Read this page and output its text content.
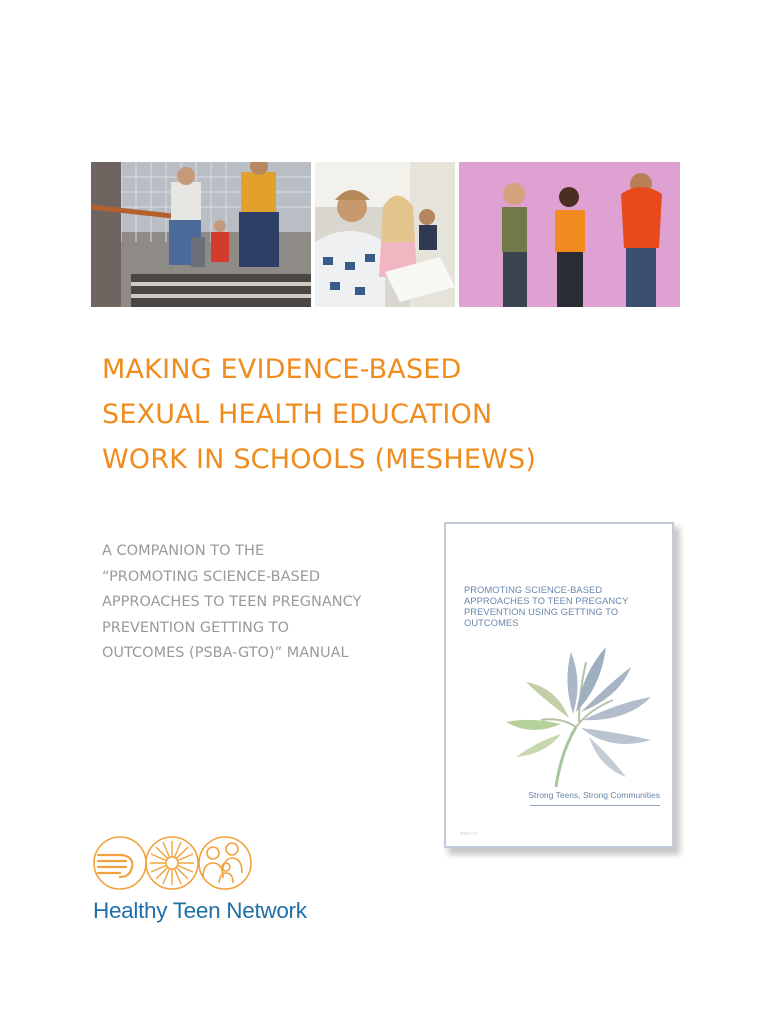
MAKING EVIDENCE-BASED
SEXUAL HEALTH EDUCATION
WORK IN SCHOOLS (MESHEWS)
A COMPANION TO THE
“PROMOTING SCIENCE-BASED
APPROACHES TO TEEN PREGNANCY
PREVENTION GETTING TO
OUTCOMES (PSBA-GTO)” MANUAL
PROMOTING SCIENCE-BASED
APPROACHES TO TEEN PREGANCY
PREVENTION USING GETTING TO
OUTCOMES
Strong Teens, Strong Communities
3000.0.0
Healthy Teen Network
